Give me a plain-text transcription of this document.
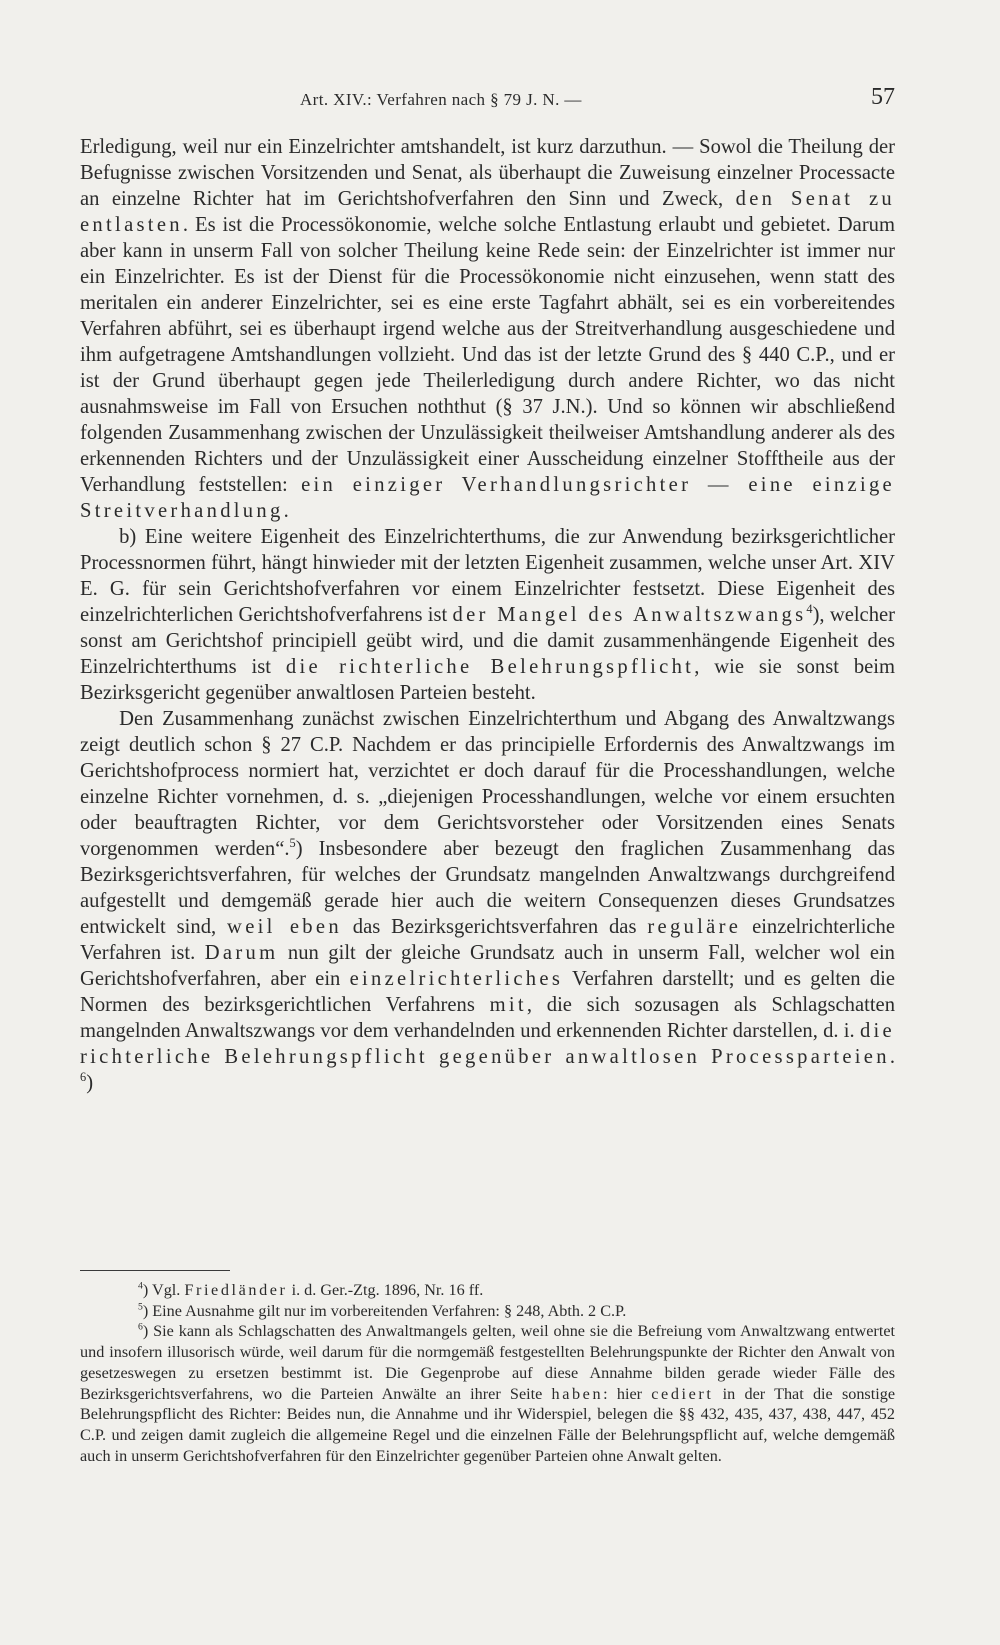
Art. XIV.: Verfahren nach § 79 J. N. —	57

Erledigung, weil nur ein Einzelrichter amtshandelt, ist kurz darzuthun. — Sowol die Theilung der Befugnisse zwischen Vorsitzenden und Senat, als überhaupt die Zuweisung einzelner Processacte an einzelne Richter hat im Gerichtshofverfahren den Sinn und Zweck, den Senat zu entlasten. Es ist die Processökonomie, welche solche Entlastung erlaubt und gebietet. Darum aber kann in unserm Fall von solcher Theilung keine Rede sein: der Einzelrichter ist immer nur ein Einzelrichter. Es ist der Dienst für die Processökonomie nicht einzusehen, wenn statt des meritalen ein anderer Einzelrichter, sei es eine erste Tagfahrt abhält, sei es ein vorbereitendes Verfahren abführt, sei es überhaupt irgend welche aus der Streitverhandlung ausgeschiedene und ihm aufgetragene Amtshandlungen vollzieht. Und das ist der letzte Grund des § 440 C.P., und er ist der Grund überhaupt gegen jede Theilerledigung durch andere Richter, wo das nicht ausnahmsweise im Fall von Ersuchen noththut (§ 37 J.N.). Und so können wir abschließend folgenden Zusammenhang zwischen der Unzulässigkeit theilweiser Amtshandlung anderer als des erkennenden Richters und der Unzulässigkeit einer Ausscheidung einzelner Stofftheile aus der Verhandlung feststellen: ein einziger Verhandlungsrichter — eine einzige Streitverhandlung.

b) Eine weitere Eigenheit des Einzelrichterthums, die zur Anwendung bezirksgerichtlicher Processnormen führt, hängt hinwieder mit der letzten Eigenheit zusammen, welche unser Art. XIV E. G. für sein Gerichtshofverfahren vor einem Einzelrichter festsetzt. Diese Eigenheit des einzelrichterlichen Gerichtshofverfahrens ist der Mangel des Anwaltszwangs$^4$), welcher sonst am Gerichtshof principiell geübt wird, und die damit zusammenhängende Eigenheit des Einzelrichterthums ist die richterliche Belehrungspflicht, wie sie sonst beim Bezirksgericht gegenüber anwaltlosen Parteien besteht.

Den Zusammenhang zunächst zwischen Einzelrichterthum und Abgang des Anwaltzwangs zeigt deutlich schon § 27 C.P. Nachdem er das principielle Erfordernis des Anwaltzwangs im Gerichtshofprocess normiert hat, verzichtet er doch darauf für die Processhandlungen, welche einzelne Richter vornehmen, d. s. „diejenigen Processhandlungen, welche vor einem ersuchten oder beauftragten Richter, vor dem Gerichtsvorsteher oder Vorsitzenden eines Senats vorgenommen werden“.$^5$) Insbesondere aber bezeugt den fraglichen Zusammenhang das Bezirksgerichtsverfahren, für welches der Grundsatz mangelnden Anwaltzwangs durchgreifend aufgestellt und demgemäß gerade hier auch die weitern Consequenzen dieses Grundsatzes entwickelt sind, weil eben das Bezirksgerichtsverfahren das reguläre einzelrichterliche Verfahren ist. Darum nun gilt der gleiche Grundsatz auch in unserm Fall, welcher wol ein Gerichtshofverfahren, aber ein einzelrichterliches Verfahren darstellt; und es gelten die Normen des bezirksgerichtlichen Verfahrens mit, die sich sozusagen als Schlagschatten mangelnden Anwaltszwangs vor dem verhandelnden und erkennenden Richter darstellen, d. i. die richterliche Belehrungspflicht gegenüber anwaltlosen Processparteien. $^6$)

$^4$) Vgl. Friedländer i. d. Ger.-Ztg. 1896, Nr. 16 ff.

$^5$) Eine Ausnahme gilt nur im vorbereitenden Verfahren: § 248, Abth. 2 C.P.

$^6$) Sie kann als Schlagschatten des Anwaltmangels gelten, weil ohne sie die Befreiung vom Anwaltzwang entwertet und insofern illusorisch würde, weil darum für die normgemäß festgestellten Belehrungspunkte der Richter den Anwalt von gesetzeswegen zu ersetzen bestimmt ist. Die Gegenprobe auf diese Annahme bilden gerade wieder Fälle des Bezirksgerichtsverfahrens, wo die Parteien Anwälte an ihrer Seite haben: hier cediert in der That die sonstige Belehrungspflicht des Richter: Beides nun, die Annahme und ihr Widerspiel, belegen die §§ 432, 435, 437, 438, 447, 452 C.P. und zeigen damit zugleich die allgemeine Regel und die einzelnen Fälle der Belehrungspflicht auf, welche demgemäß auch in unserm Gerichtshofverfahren für den Einzelrichter gegenüber Parteien ohne Anwalt gelten.
